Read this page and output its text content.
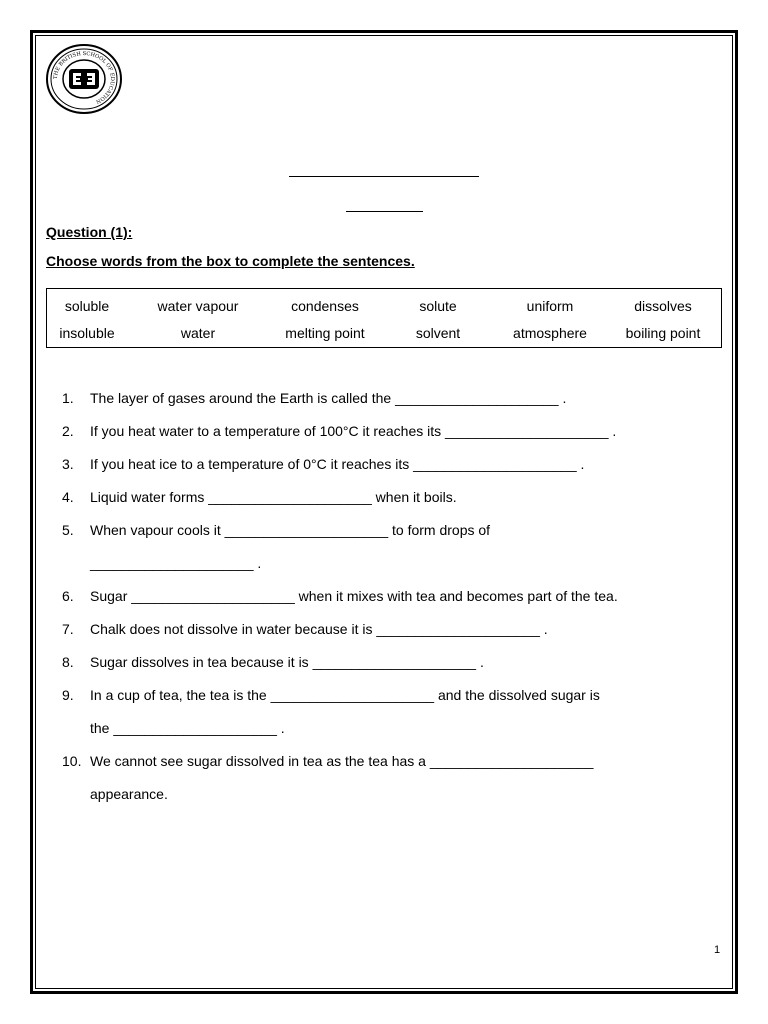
THE BRITISH SCHOOL OF EDUCATION
Question (1):
Choose words from the box to complete the sentences.
soluble	water vapour	condenses	solute	uniform	dissolves
insoluble	water	melting point	solvent	atmosphere	boiling point
1. The layer of gases around the Earth is called the _____________________ .
2. If you heat water to a temperature of 100°C it reaches its _____________________ .
3. If you heat ice to a temperature of 0°C it reaches its _____________________ .
4. Liquid water forms _____________________ when it boils.
5. When vapour cools it _____________________ to form drops of
_____________________ .
6. Sugar _____________________ when it mixes with tea and becomes part of the tea.
7. Chalk does not dissolve in water because it is _____________________ .
8. Sugar dissolves in tea because it is _____________________ .
9. In a cup of tea, the tea is the _____________________ and the dissolved sugar is
the _____________________ .
10. We cannot see sugar dissolved in tea as the tea has a _____________________
appearance.
1
